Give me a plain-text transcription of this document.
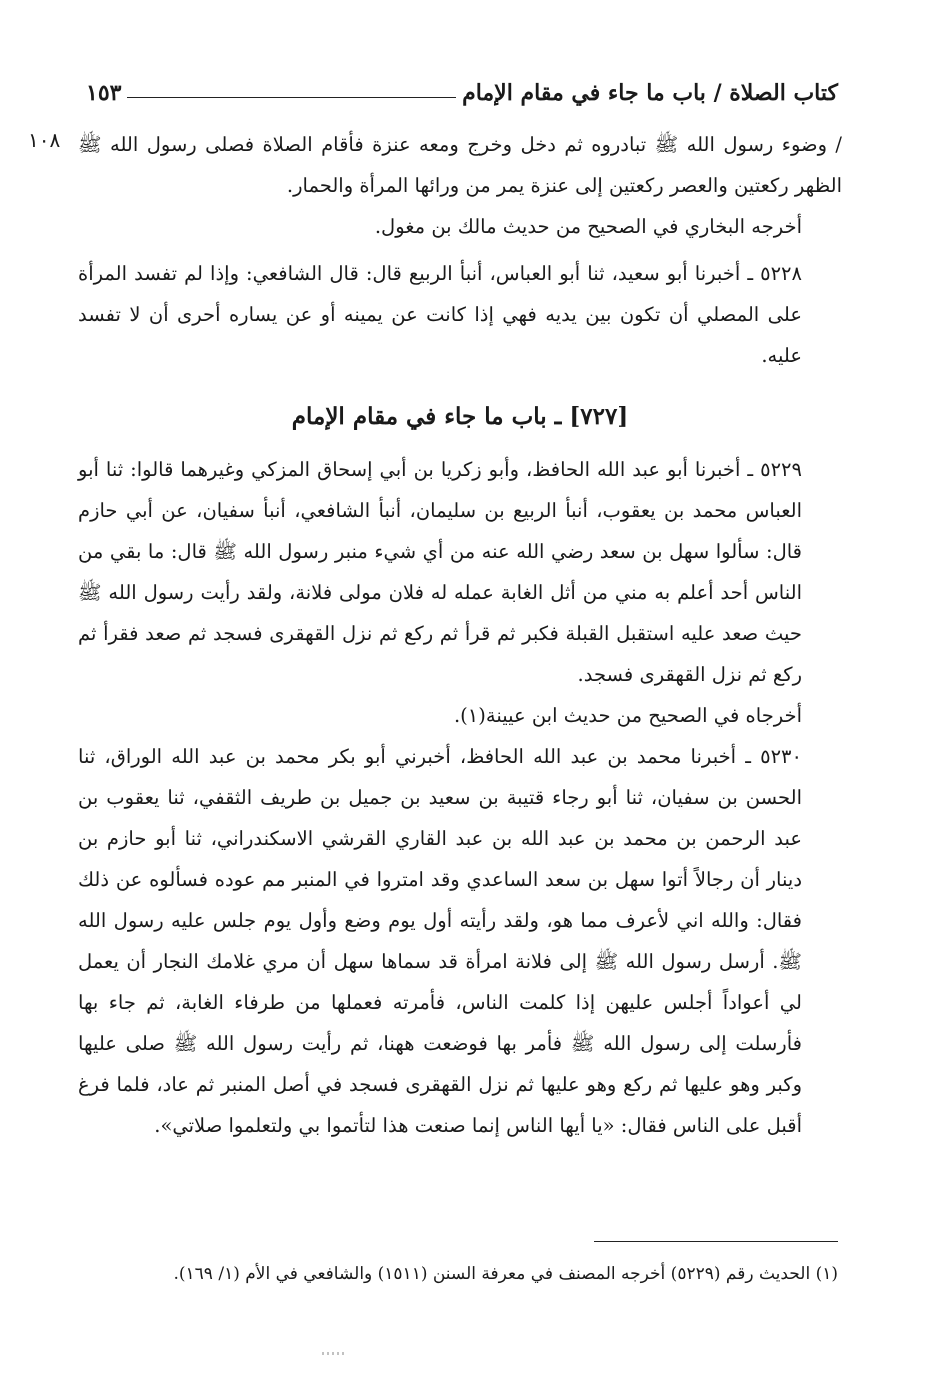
كتاب الصلاة / باب ما جاء في مقام الإمام
١٥٣
١٠٨ / وضوء رسول الله ﷺ تبادروه ثم دخل وخرج ومعه عنزة فأقام الصلاة فصلى رسول الله ﷺ الظهر ركعتين والعصر ركعتين إلى عنزة يمر من ورائها المرأة والحمار.

أخرجه البخاري في الصحيح من حديث مالك بن مغول.

٥٢٢٨ ـ أخبرنا أبو سعيد، ثنا أبو العباس، أنبأ الربيع قال: قال الشافعي: وإذا لم تفسد المرأة على المصلي أن تكون بين يديه فهي إذا كانت عن يمينه أو عن يساره أحرى أن لا تفسد عليه.

[٧٢٧] ـ باب ما جاء في مقام الإمام

٥٢٢٩ ـ أخبرنا أبو عبد الله الحافظ، وأبو زكريا بن أبي إسحاق المزكي وغيرهما قالوا: ثنا أبو العباس محمد بن يعقوب، أنبأ الربيع بن سليمان، أنبأ الشافعي، أنبأ سفيان، عن أبي حازم قال: سألوا سهل بن سعد رضي الله عنه من أي شيء منبر رسول الله ﷺ قال: ما بقي من الناس أحد أعلم به مني من أثل الغابة عمله له فلان مولى فلانة، ولقد رأيت رسول الله ﷺ حيث صعد عليه استقبل القبلة فكبر ثم قرأ ثم ركع ثم نزل القهقرى فسجد ثم صعد فقرأ ثم ركع ثم نزل القهقرى فسجد.

أخرجاه في الصحيح من حديث ابن عيينة(١).

٥٢٣٠ ـ أخبرنا محمد بن عبد الله الحافظ، أخبرني أبو بكر محمد بن عبد الله الوراق، ثنا الحسن بن سفيان، ثنا أبو رجاء قتيبة بن سعيد بن جميل بن طريف الثقفي، ثنا يعقوب بن عبد الرحمن بن محمد بن عبد الله بن عبد القاري القرشي الاسكندراني، ثنا أبو حازم بن دينار أن رجالاً أتوا سهل بن سعد الساعدي وقد امتروا في المنبر مم عوده فسألوه عن ذلك فقال: والله اني لأعرف مما هو، ولقد رأيته أول يوم وضع وأول يوم جلس عليه رسول الله ﷺ. أرسل رسول الله ﷺ إلى فلانة امرأة قد سماها سهل أن مري غلامك النجار أن يعمل لي أعواداً أجلس عليهن إذا كلمت الناس، فأمرته فعملها من طرفاء الغابة، ثم جاء بها فأرسلت إلى رسول الله ﷺ فأمر بها فوضعت ههنا، ثم رأيت رسول الله ﷺ صلى عليها وكبر وهو عليها ثم ركع وهو عليها ثم نزل القهقرى فسجد في أصل المنبر ثم عاد، فلما فرغ أقبل على الناس فقال: «يا أيها الناس إنما صنعت هذا لتأتموا بي ولتعلموا صلاتي».

(١) الحديث رقم (٥٢٢٩) أخرجه المصنف في معرفة السنن (١٥١١) والشافعي في الأم (١/ ١٦٩).
